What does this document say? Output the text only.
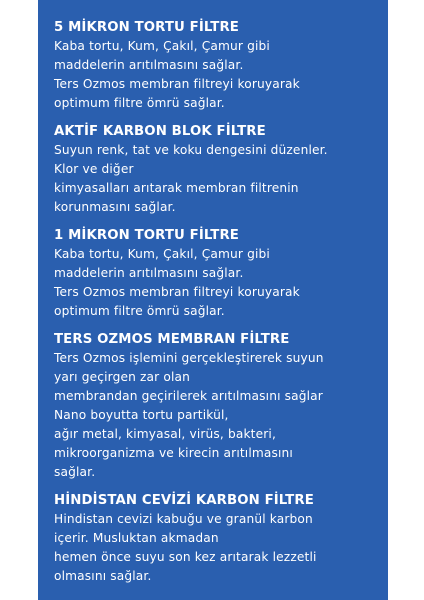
5 MİKRON TORTU FİLTRE

Kaba tortu, Kum, Çakıl, Çamur gibi

maddelerin arıtılmasını sağlar.

Ters Ozmos membran filtreyi koruyarak

optimum filtre ömrü sağlar.

AKTİF KARBON BLOK FİLTRE

Suyun renk, tat ve koku dengesini düzenler.

Klor ve diğer

kimyasalları arıtarak membran filtrenin

korunmasını sağlar.

1 MİKRON TORTU FİLTRE

Kaba tortu, Kum, Çakıl, Çamur gibi

maddelerin arıtılmasını sağlar.

Ters Ozmos membran filtreyi koruyarak

optimum filtre ömrü sağlar.

TERS OZMOS MEMBRAN FİLTRE

Ters Ozmos işlemini gerçekleştirerek suyun

yarı geçirgen zar olan

membrandan geçirilerek arıtılmasını sağlar

Nano boyutta tortu partikül,

ağır metal, kimyasal, virüs, bakteri,

mikroorganizma ve kirecin arıtılmasını

sağlar.

HİNDİSTAN CEVİZİ KARBON FİLTRE

Hindistan cevizi kabuğu ve granül karbon

içerir. Musluktan akmadan

hemen önce suyu son kez arıtarak lezzetli

olmasını sağlar.
